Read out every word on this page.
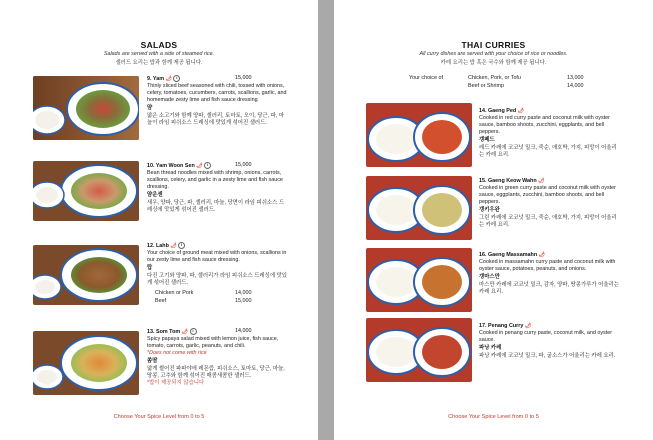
SALADS
Salads are served with a side of steamed rice.
샐러드 요리는 밥과 함께 제공 됩니다.
9. Yam 🌶 i	15,000
Thinly sliced beef seasoned with chili, tossed with onions, celery, tomatoes, cucumbers, carrots, scallions, garlic, and homemade zesty lime and fish sauce dressing
얌
얇은 소고기와 함께 양파, 셀러리, 토마토, 오이, 당근, 파, 마늘이 라임 피쉬소스 드레싱에 맛있게 섞어진 샐러드.
10. Yam Woon Sen 🌶 i	15,000
Bean thread noodles mixed with shrimp, onions, carrots, scallions, celery, and garlic in a zesty lime and fish sauce dressing.
얌운센
새우, 양파, 당근, 파, 셀러리, 마늘, 당면이 라임 피쉬소스 드레싱에 맛있게 섞어진 샐러드.
12. Lahb 🌶 i
Your choice of ground meat mixed with onions, scallions in our zesty lime and fish sauce dressing.
랍
다진 고기와 양파, 파, 셀러리가 라임 피쉬소스 드레싱에 맛있게 섞어진 샐러드.
Chicken or Pork	14,000
Beef	15,000
13. Som Tom 🌶 i	14,000
Spicy papaya salad mixed with lemon juice, fish sauce, tomato, carrots, garlic, peanuts, and chili.
*Does not come with rice
쏨땀
얇게 썰어진 파파야에 레몬즙, 피쉬소스, 토마토, 당근, 마늘, 땅콩, 고추와 함께 섞어진 매콤새콤한 샐러드.
*밥이 제공되지 않습니다
Choose Your Spice Level from 0 to 5
THAI CURRIES
All curry dishes are served with your choice of rice or noodles.
카레 요리는 밥 혹은 국수와 함께 제공 됩니다.
Your choice of	Chicken, Pork, or Tofu	13,000
Beef or Shrimp	14,000
14. Gaeng Ped 🌶
Cooked in red curry paste and coconut milk with oyster sauce, bamboo shoots, zucchini, eggplants, and bell peppers.
갱페드
레드 카레에 코코넛 밀크, 죽순, 애호박, 가지, 피망이 어울리는 카레 요리.
15. Gaeng Keow Wahn 🌶
Cooked in green curry paste and coconut milk with oyster sauce, eggplants, zucchini, bamboo shoots, and bell peppers.
갱키우완
그린 카레에 코코넛 밀크, 죽순, 애호박, 가지, 피망이 어울리는 카레 요리.
16. Gaeng Massamahn 🌶
Cooked in massamahn curry paste and coconut milk with oyster sauce, potatoes, peanuts, and onions.
갱마스만
마스만 카레에 코코넛 밀크, 감자, 양파, 땅콩가루가 어울리는 카레 요리.
17. Penang Curry 🌶
Cooked in penang curry paste, coconut milk, and oyster sauce.
파낭 카레
파낭 카레에 코코넛 밀크, 파, 굴소스가 어울리는 카레 요리.
Choose Your Spice Level from 0 to 5
